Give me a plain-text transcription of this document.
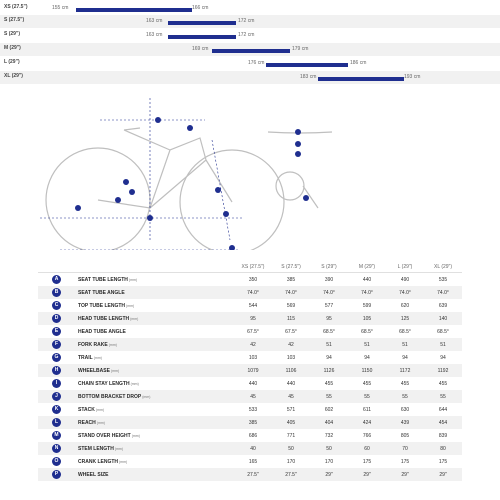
XS (27.5")	155 cm	166 cm
S (27.5")	163 cm	172 cm
S (29")	163 cm	172 cm
M (29")	169 cm	179 cm
L (29")	176 cm	186 cm
XL (29")	183 cm	193 cm
XS (27.5")	S (27.5")	S (29")	M (29")	L (29")	XL (29")
A	SEAT TUBE LENGTH(mm)	350	385	390	440	490	535
B	SEAT TUBE ANGLE	74.0°	74.0°	74.0°	74.0°	74.0°	74.0°
C	TOP TUBE LENGTH(mm)	544	569	577	599	620	639
D	HEAD TUBE LENGTH(mm)	95	115	95	105	125	140
E	HEAD TUBE ANGLE	67.5°	67.5°	68.5°	68.5°	68.5°	68.5°
F	FORK RAKE(mm)	42	42	51	51	51	51
G	TRAIL(mm)	103	103	94	94	94	94
H	WHEELBASE(mm)	1079	1106	1126	1150	1172	1192
I	CHAIN STAY LENGTH(mm)	440	440	455	455	455	455
J	BOTTOM BRACKET DROP(mm)	45	45	55	55	55	55
K	STACK(mm)	533	571	602	611	630	644
L	REACH(mm)	385	405	404	424	439	454
M	STAND OVER HEIGHT(mm)	686	771	732	766	805	839
N	STEM LENGTH(mm)	40	50	50	60	70	80
O	CRANK LENGTH(mm)	165	170	170	175	175	175
P	WHEEL SIZE	27.5"	27.5"	29"	29"	29"	29"
